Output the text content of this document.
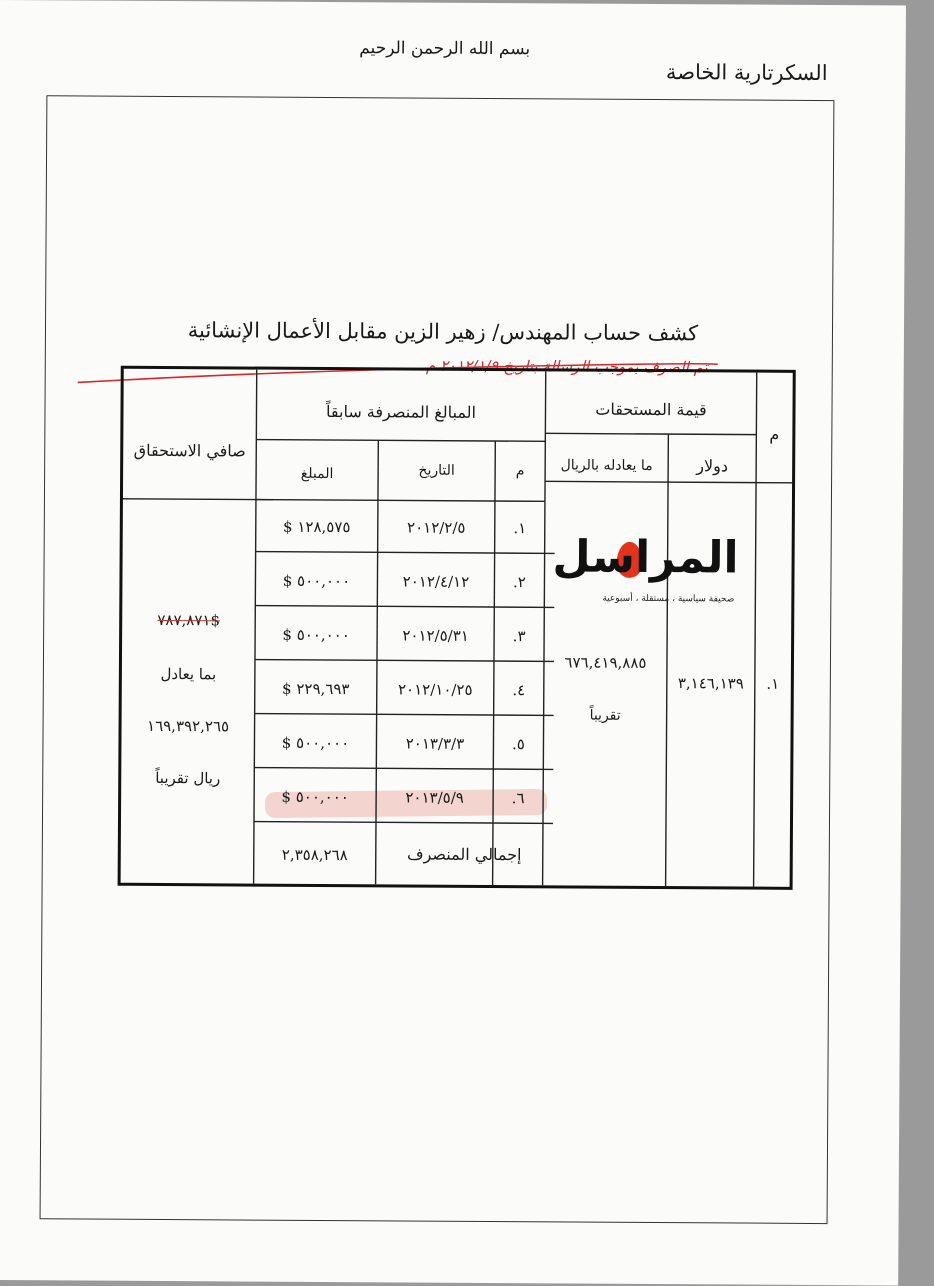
بسم الله الرحمن الرحيم
السكرتارية الخاصة
كشف حساب المهندس/ زهير الزين مقابل الأعمال الإنشائية
تم الصرف بموجب الرسالة بتاريخ ٢٠١٢/١/٩ م
م
قيمة المستحقات
دولار
ما يعادله بالريال
المبالغ المنصرفة سابقاً
م
التاريخ
المبلغ
صافي الاستحقاق
١.
٣,١٤٦,١٣٩
٦٧٦,٤١٩,٨٨٥
تقريباً
$٧٨٧,٨٧١
بما يعادل
١٦٩,٣٩٢,٢٦٥
ريال تقريباً
١.
٢٠١٢/٢/٥
١٢٨,٥٧٥ $
٢.
٢٠١٢/٤/١٢
٥٠٠,٠٠٠ $
٣.
٢٠١٢/٥/٣١
٥٠٠,٠٠٠ $
٤.
٢٠١٢/١٠/٢٥
٢٢٩,٦٩٣ $
٥.
٢٠١٣/٣/٣
٥٠٠,٠٠٠ $
٦.
٢٠١٣/٥/٩
٥٠٠,٠٠٠ $
إجمالي المنصرف
٢,٣٥٨,٢٦٨
المراسل
صحيفة سياسية ، مستقلة ، أسبوعية
